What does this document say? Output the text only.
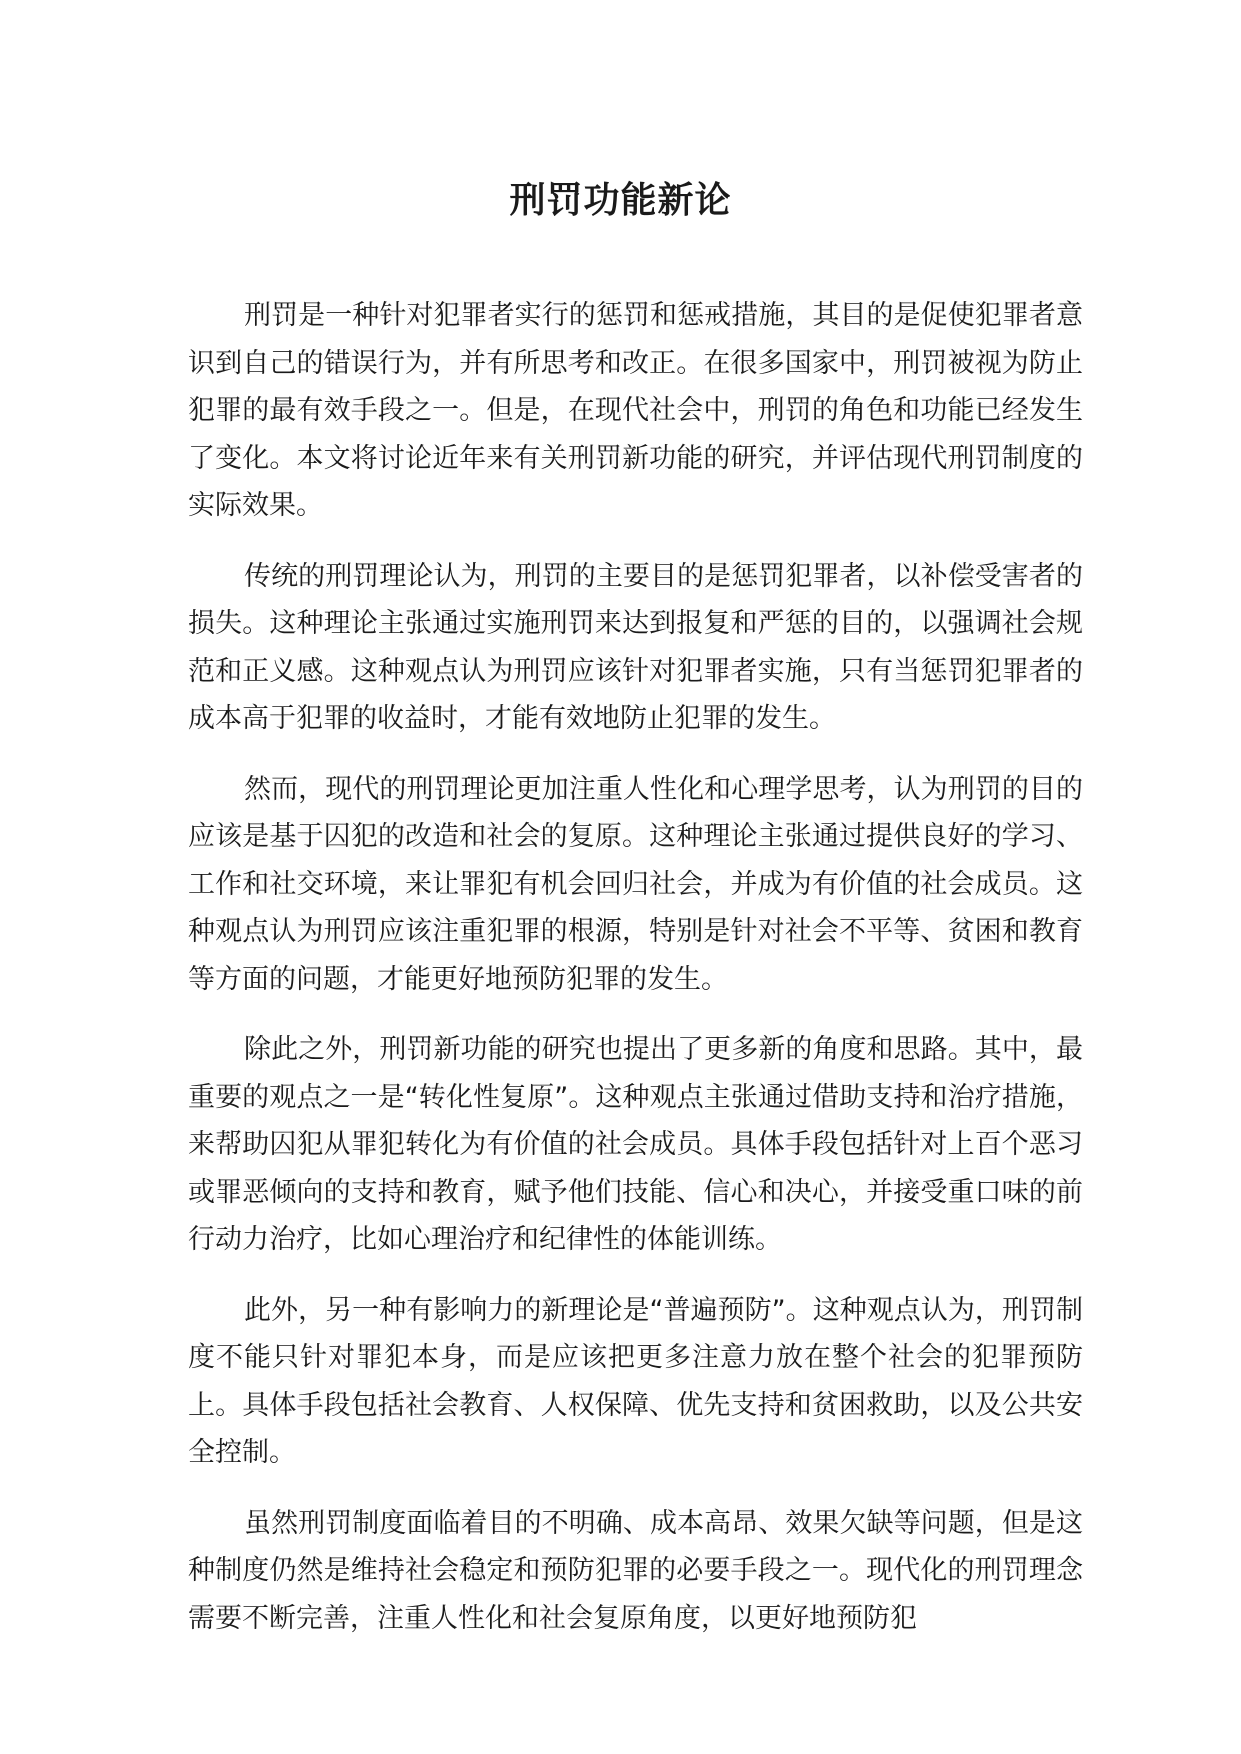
刑罚功能新论

刑罚是一种针对犯罪者实行的惩罚和惩戒措施，其目的是促使犯罪者意识到自己的错误行为，并有所思考和改正。在很多国家中，刑罚被视为防止犯罪的最有效手段之一。但是，在现代社会中，刑罚的角色和功能已经发生了变化。本文将讨论近年来有关刑罚新功能的研究，并评估现代刑罚制度的实际效果。

传统的刑罚理论认为，刑罚的主要目的是惩罚犯罪者，以补偿受害者的损失。这种理论主张通过实施刑罚来达到报复和严惩的目的，以强调社会规范和正义感。这种观点认为刑罚应该针对犯罪者实施，只有当惩罚犯罪者的成本高于犯罪的收益时，才能有效地防止犯罪的发生。

然而，现代的刑罚理论更加注重人性化和心理学思考，认为刑罚的目的应该是基于囚犯的改造和社会的复原。这种理论主张通过提供良好的学习、工作和社交环境，来让罪犯有机会回归社会，并成为有价值的社会成员。这种观点认为刑罚应该注重犯罪的根源，特别是针对社会不平等、贫困和教育等方面的问题，才能更好地预防犯罪的发生。

除此之外，刑罚新功能的研究也提出了更多新的角度和思路。其中，最重要的观点之一是“转化性复原”。这种观点主张通过借助支持和治疗措施，来帮助囚犯从罪犯转化为有价值的社会成员。具体手段包括针对上百个恶习或罪恶倾向的支持和教育，赋予他们技能、信心和决心，并接受重口味的前行动力治疗，比如心理治疗和纪律性的体能训练。

此外，另一种有影响力的新理论是“普遍预防”。这种观点认为，刑罚制度不能只针对罪犯本身，而是应该把更多注意力放在整个社会的犯罪预防上。具体手段包括社会教育、人权保障、优先支持和贫困救助，以及公共安全控制。

虽然刑罚制度面临着目的不明确、成本高昂、效果欠缺等问题，但是这种制度仍然是维持社会稳定和预防犯罪的必要手段之一。现代化的刑罚理念需要不断完善，注重人性化和社会复原角度，以更好地预防犯
